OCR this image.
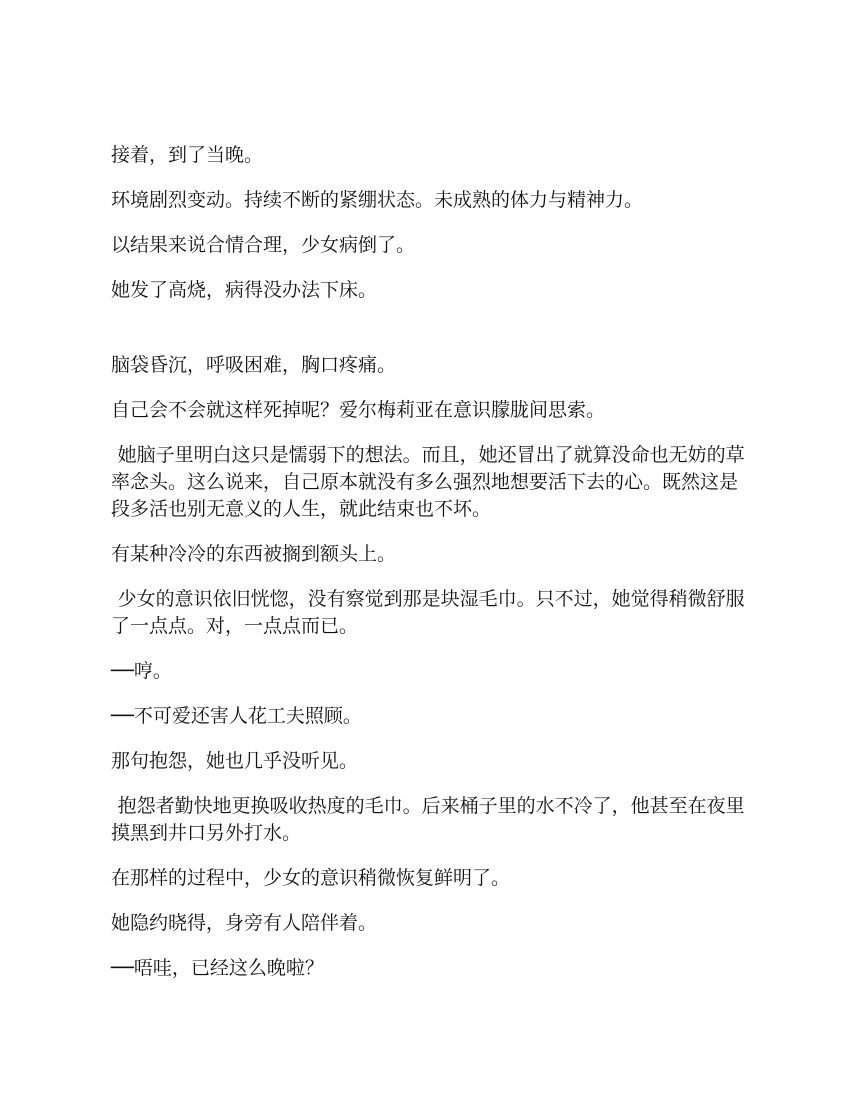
接着，到了当晚。

环境剧烈变动。持续不断的紧绷状态。未成熟的体力与精神力。

以结果来说合情合理，少女病倒了。

她发了高烧，病得没办法下床。

脑袋昏沉，呼吸困难，胸口疼痛。

自己会不会就这样死掉呢？爱尔梅莉亚在意识朦胧间思索。

她脑子里明白这只是懦弱下的想法。而且，她还冒出了就算没命也无妨的草率念头。这么说来，自己原本就没有多么强烈地想要活下去的心。既然这是段多活也别无意义的人生，就此结束也不坏。

有某种冷冷的东西被搁到额头上。

少女的意识依旧恍惚，没有察觉到那是块湿毛巾。只不过，她觉得稍微舒服了一点点。对，一点点而已。

──哼。

──不可爱还害人花工夫照顾。

那句抱怨，她也几乎没听见。

抱怨者勤快地更换吸收热度的毛巾。后来桶子里的水不冷了，他甚至在夜里摸黑到井口另外打水。

在那样的过程中，少女的意识稍微恢复鲜明了。

她隐约晓得，身旁有人陪伴着。

──唔哇，已经这么晚啦？
